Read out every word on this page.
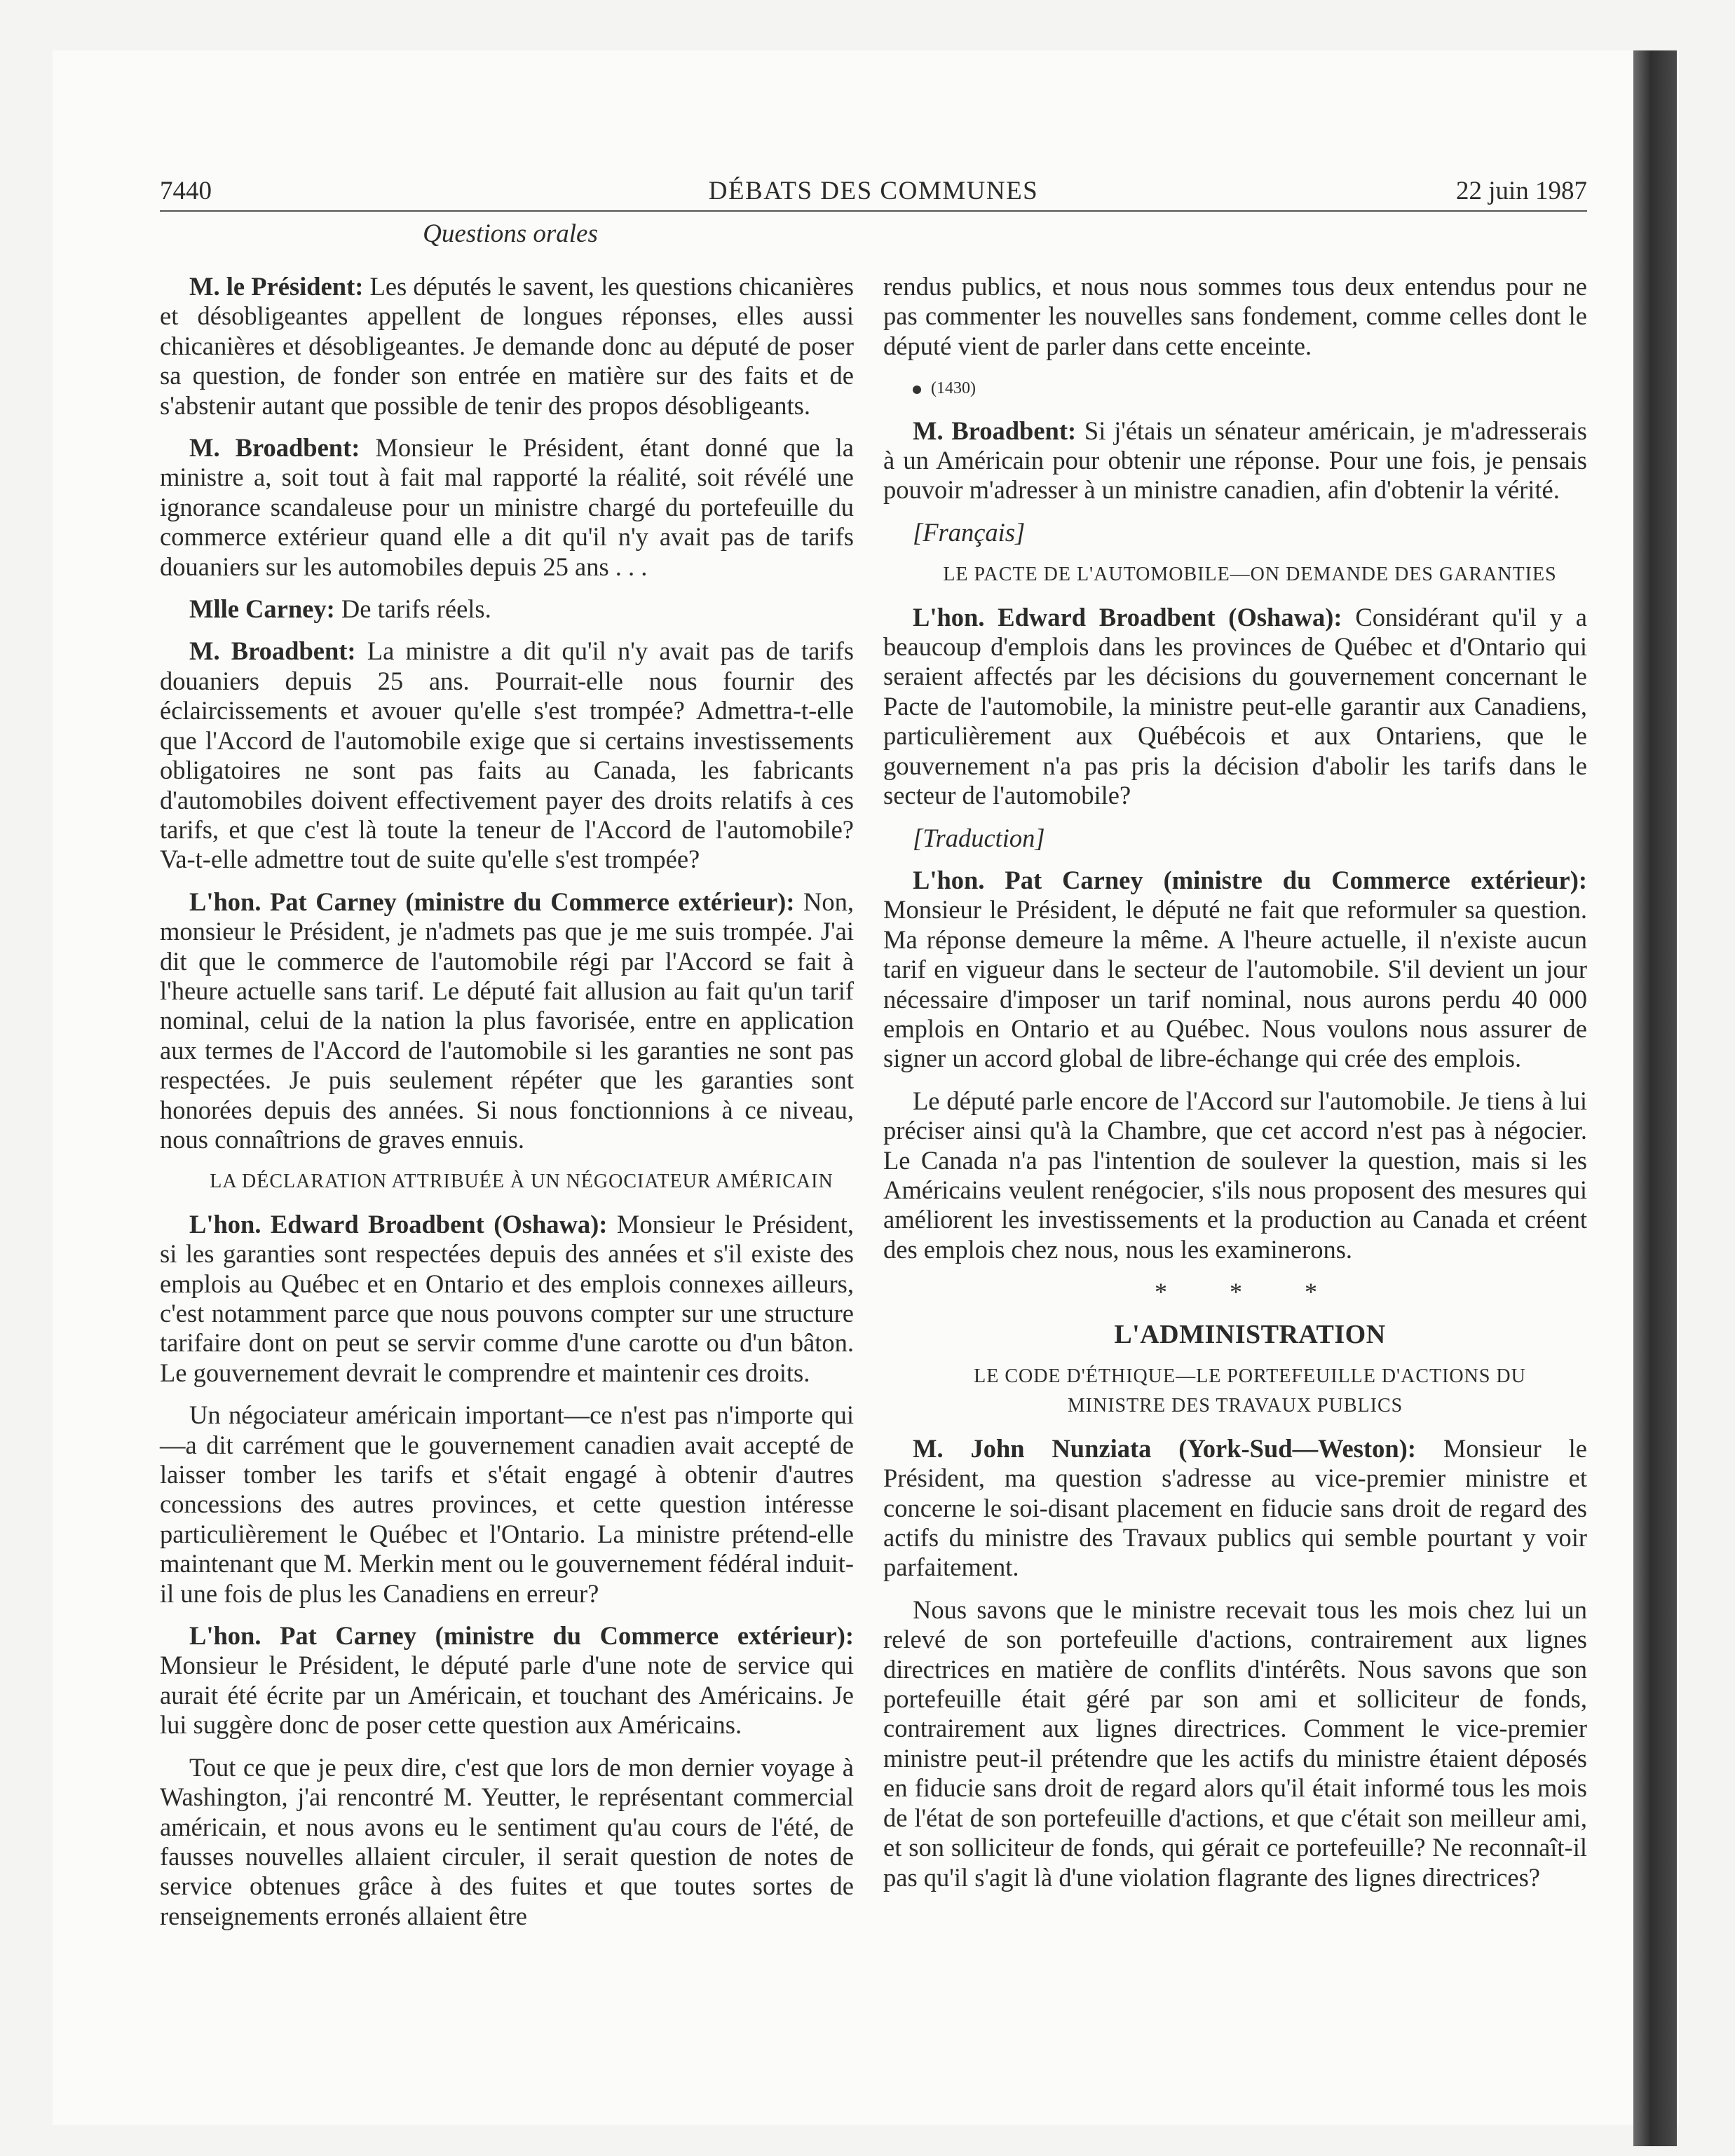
7440	DÉBATS DES COMMUNES	22 juin 1987
Questions orales

M. le Président: Les députés le savent, les questions chicanières et désobligeantes appellent de longues réponses, elles aussi chicanières et désobligeantes. Je demande donc au député de poser sa question, de fonder son entrée en matière sur des faits et de s'abstenir autant que possible de tenir des propos désobligeants.

M. Broadbent: Monsieur le Président, étant donné que la ministre a, soit tout à fait mal rapporté la réalité, soit révélé une ignorance scandaleuse pour un ministre chargé du portefeuille du commerce extérieur quand elle a dit qu'il n'y avait pas de tarifs douaniers sur les automobiles depuis 25 ans . . .

Mlle Carney: De tarifs réels.

M. Broadbent: La ministre a dit qu'il n'y avait pas de tarifs douaniers depuis 25 ans. Pourrait-elle nous fournir des éclaircissements et avouer qu'elle s'est trompée? Admettra-t-elle que l'Accord de l'automobile exige que si certains investissements obligatoires ne sont pas faits au Canada, les fabricants d'automobiles doivent effectivement payer des droits relatifs à ces tarifs, et que c'est là toute la teneur de l'Accord de l'automobile? Va-t-elle admettre tout de suite qu'elle s'est trompée?

L'hon. Pat Carney (ministre du Commerce extérieur): Non, monsieur le Président, je n'admets pas que je me suis trompée. J'ai dit que le commerce de l'automobile régi par l'Accord se fait à l'heure actuelle sans tarif. Le député fait allusion au fait qu'un tarif nominal, celui de la nation la plus favorisée, entre en application aux termes de l'Accord de l'automobile si les garanties ne sont pas respectées. Je puis seulement répéter que les garanties sont honorées depuis des années. Si nous fonctionnions à ce niveau, nous connaîtrions de graves ennuis.

LA DÉCLARATION ATTRIBUÉE À UN NÉGOCIATEUR AMÉRICAIN

L'hon. Edward Broadbent (Oshawa): Monsieur le Président, si les garanties sont respectées depuis des années et s'il existe des emplois au Québec et en Ontario et des emplois connexes ailleurs, c'est notamment parce que nous pouvons compter sur une structure tarifaire dont on peut se servir comme d'une carotte ou d'un bâton. Le gouvernement devrait le comprendre et maintenir ces droits.

Un négociateur américain important—ce n'est pas n'importe qui—a dit carrément que le gouvernement canadien avait accepté de laisser tomber les tarifs et s'était engagé à obtenir d'autres concessions des autres provinces, et cette question intéresse particulièrement le Québec et l'Ontario. La ministre prétend-elle maintenant que M. Merkin ment ou le gouvernement fédéral induit-il une fois de plus les Canadiens en erreur?

L'hon. Pat Carney (ministre du Commerce extérieur): Monsieur le Président, le député parle d'une note de service qui aurait été écrite par un Américain, et touchant des Américains. Je lui suggère donc de poser cette question aux Américains.

Tout ce que je peux dire, c'est que lors de mon dernier voyage à Washington, j'ai rencontré M. Yeutter, le représentant commercial américain, et nous avons eu le sentiment qu'au cours de l'été, de fausses nouvelles allaient circuler, il serait question de notes de service obtenues grâce à des fuites et que toutes sortes de renseignements erronés allaient être

rendus publics, et nous nous sommes tous deux entendus pour ne pas commenter les nouvelles sans fondement, comme celles dont le député vient de parler dans cette enceinte.

(1430)

M. Broadbent: Si j'étais un sénateur américain, je m'adresserais à un Américain pour obtenir une réponse. Pour une fois, je pensais pouvoir m'adresser à un ministre canadien, afin d'obtenir la vérité.

[Français]

LE PACTE DE L'AUTOMOBILE—ON DEMANDE DES GARANTIES

L'hon. Edward Broadbent (Oshawa): Considérant qu'il y a beaucoup d'emplois dans les provinces de Québec et d'Ontario qui seraient affectés par les décisions du gouvernement concernant le Pacte de l'automobile, la ministre peut-elle garantir aux Canadiens, particulièrement aux Québécois et aux Ontariens, que le gouvernement n'a pas pris la décision d'abolir les tarifs dans le secteur de l'automobile?

[Traduction]

L'hon. Pat Carney (ministre du Commerce extérieur): Monsieur le Président, le député ne fait que reformuler sa question. Ma réponse demeure la même. A l'heure actuelle, il n'existe aucun tarif en vigueur dans le secteur de l'automobile. S'il devient un jour nécessaire d'imposer un tarif nominal, nous aurons perdu 40 000 emplois en Ontario et au Québec. Nous voulons nous assurer de signer un accord global de libre-échange qui crée des emplois.

Le député parle encore de l'Accord sur l'automobile. Je tiens à lui préciser ainsi qu'à la Chambre, que cet accord n'est pas à négocier. Le Canada n'a pas l'intention de soulever la question, mais si les Américains veulent renégocier, s'ils nous proposent des mesures qui améliorent les investissements et la production au Canada et créent des emplois chez nous, nous les examinerons.

* * *

L'ADMINISTRATION

LE CODE D'ÉTHIQUE—LE PORTEFEUILLE D'ACTIONS DU MINISTRE DES TRAVAUX PUBLICS

M. John Nunziata (York-Sud—Weston): Monsieur le Président, ma question s'adresse au vice-premier ministre et concerne le soi-disant placement en fiducie sans droit de regard des actifs du ministre des Travaux publics qui semble pourtant y voir parfaitement.

Nous savons que le ministre recevait tous les mois chez lui un relevé de son portefeuille d'actions, contrairement aux lignes directrices en matière de conflits d'intérêts. Nous savons que son portefeuille était géré par son ami et solliciteur de fonds, contrairement aux lignes directrices. Comment le vice-premier ministre peut-il prétendre que les actifs du ministre étaient déposés en fiducie sans droit de regard alors qu'il était informé tous les mois de l'état de son portefeuille d'actions, et que c'était son meilleur ami, et son solliciteur de fonds, qui gérait ce portefeuille? Ne reconnaît-il pas qu'il s'agit là d'une violation flagrante des lignes directrices?
